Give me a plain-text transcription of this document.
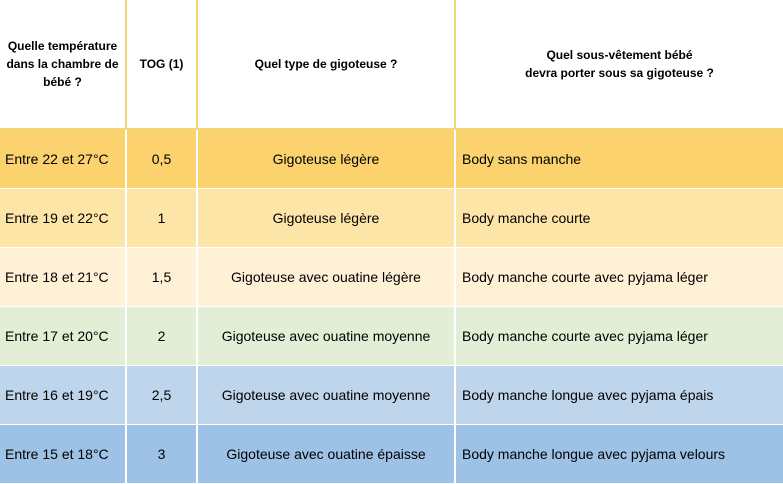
Quelle température dans la chambre de bébé ?	TOG (1)	Quel type de gigoteuse ?	Quel sous-vêtement bébé
devra porter sous sa gigoteuse ?
Entre 22 et 27°C	0,5	Gigoteuse légère	Body sans manche
Entre 19 et 22°C	1	Gigoteuse légère	Body manche courte
Entre 18 et 21°C	1,5	Gigoteuse avec ouatine légère	Body manche courte avec pyjama léger
Entre 17 et 20°C	2	Gigoteuse avec ouatine moyenne	Body manche courte avec pyjama léger
Entre 16 et 19°C	2,5	Gigoteuse avec ouatine moyenne	Body manche longue avec pyjama épais
Entre 15 et 18°C	3	Gigoteuse avec ouatine épaisse	Body manche longue avec pyjama velours
